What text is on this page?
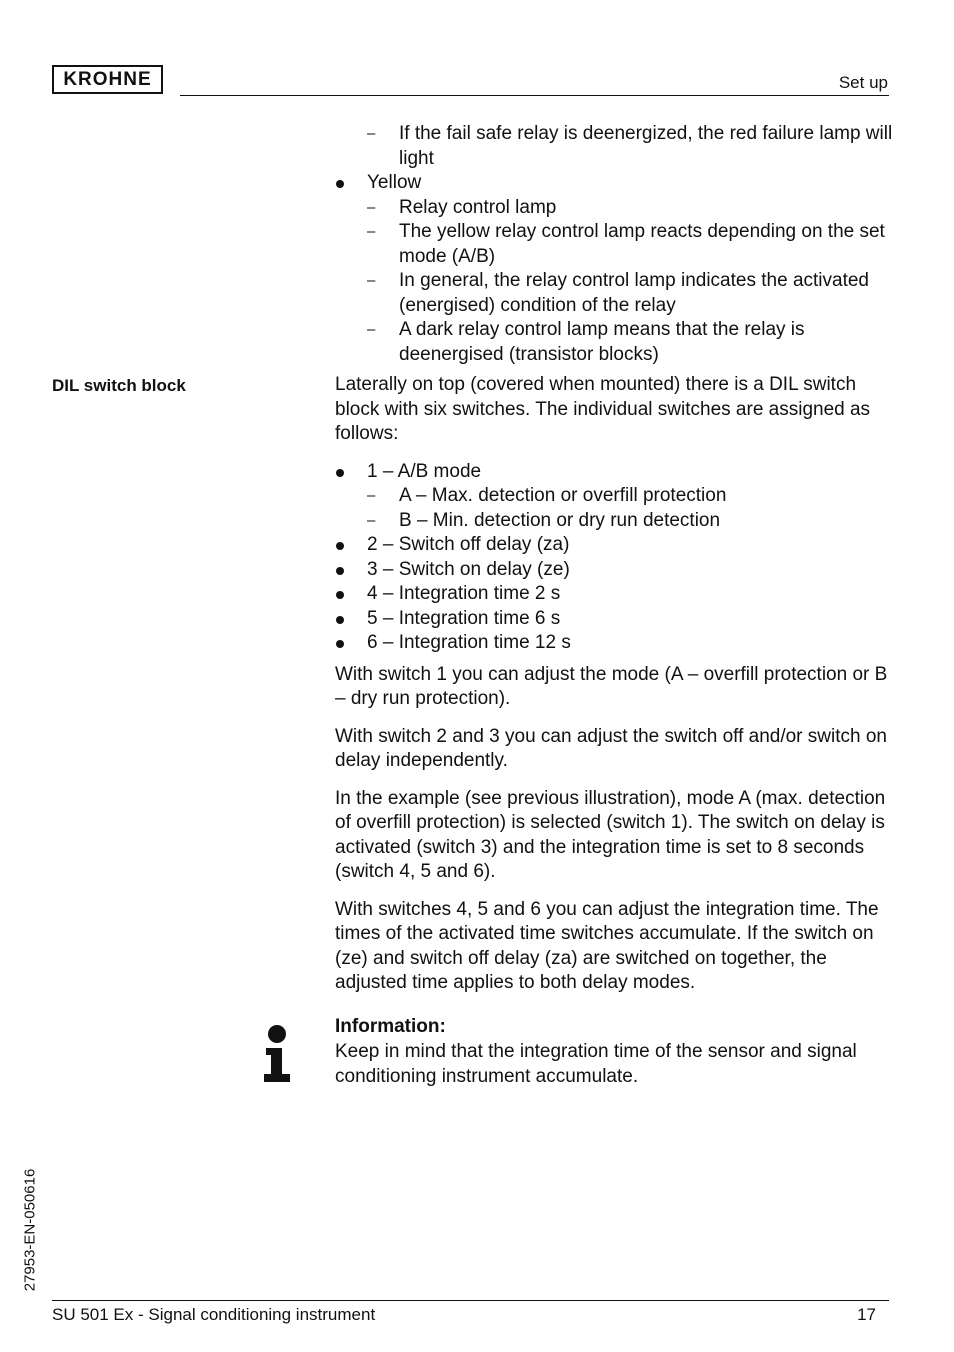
KROHNE	Set up
– If the fail safe relay is deenergized, the red failure lamp will light
Yellow
– Relay control lamp
– The yellow relay control lamp reacts depending on the set mode (A/B)
– In general, the relay control lamp indicates the activated (energised) condition of the relay
– A dark relay control lamp means that the relay is deenergised (transistor blocks)

Laterally on top (covered when mounted) there is a DIL switch block with six switches. The individual switches are assigned as follows:

1 – A/B mode
– A – Max. detection or overfill protection
– B – Min. detection or dry run detection
2 – Switch off delay (za)
3 – Switch on delay (ze)
4 – Integration time 2 s
5 – Integration time 6 s
6 – Integration time 12 s

With switch 1 you can adjust the mode (A – overfill protection or B – dry run protection).

With switch 2 and 3 you can adjust the switch off and/or switch on delay independently.

In the example (see previous illustration), mode A (max. detection of overfill protection) is selected (switch 1). The switch on delay is activated (switch 3) and the integration time is set to 8 seconds (switch 4, 5 and 6).

With switches 4, 5 and 6 you can adjust the integration time. The times of the activated time switches accumulate. If the switch on (ze) and switch off delay (za) are switched on together, the adjusted time applies to both delay modes.

DIL switch block
Information:
Keep in mind that the integration time of the sensor and signal conditioning instrument accumulate.
27953-EN-050616
SU 501 Ex - Signal conditioning instrument	17
